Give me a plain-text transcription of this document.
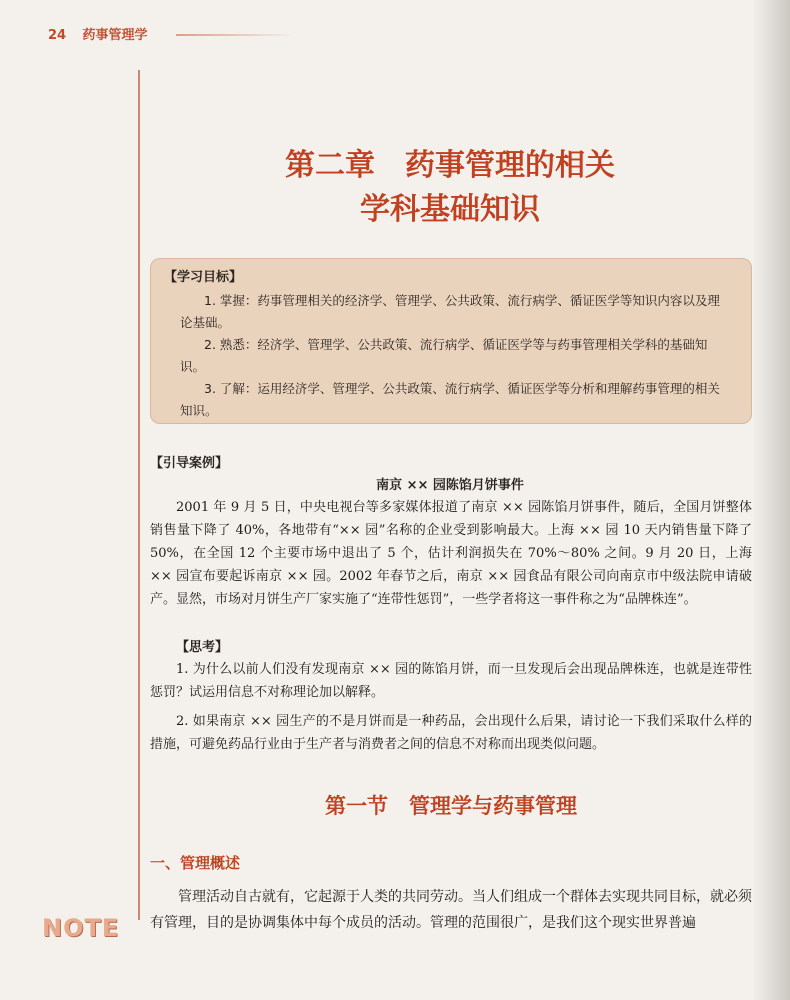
24 药事管理学
第二章　药事管理的相关
学科基础知识
【学习目标】

1. 掌握：药事管理相关的经济学、管理学、公共政策、流行病学、循证医学等知识内容以及理论基础。

2. 熟悉：经济学、管理学、公共政策、流行病学、循证医学等与药事管理相关学科的基础知识。

3. 了解：运用经济学、管理学、公共政策、流行病学、循证医学等分析和理解药事管理的相关知识。

【引导案例】
南京 ×× 园陈馅月饼事件

2001 年 9 月 5 日，中央电视台等多家媒体报道了南京 ×× 园陈馅月饼事件，随后，全国月饼整体销售量下降了 40%，各地带有“×× 园”名称的企业受到影响最大。上海 ×× 园 10 天内销售量下降了 50%，在全国 12 个主要市场中退出了 5 个，估计利润损失在 70%～80% 之间。9 月 20 日，上海 ×× 园宣布要起诉南京 ×× 园。2002 年春节之后，南京 ×× 园食品有限公司向南京市中级法院申请破产。显然，市场对月饼生产厂家实施了“连带性惩罚”，一些学者将这一事件称之为“品牌株连”。

【思考】

1. 为什么以前人们没有发现南京 ×× 园的陈馅月饼，而一旦发现后会出现品牌株连，也就是连带性惩罚？试运用信息不对称理论加以解释。

2. 如果南京 ×× 园生产的不是月饼而是一种药品，会出现什么后果，请讨论一下我们采取什么样的措施，可避免药品行业由于生产者与消费者之间的信息不对称而出现类似问题。

第一节　管理学与药事管理
一、管理概述

管理活动自古就有，它起源于人类的共同劳动。当人们组成一个群体去实现共同目标，就必须有管理，目的是协调集体中每个成员的活动。管理的范围很广，是我们这个现实世界普遍

NOTE
